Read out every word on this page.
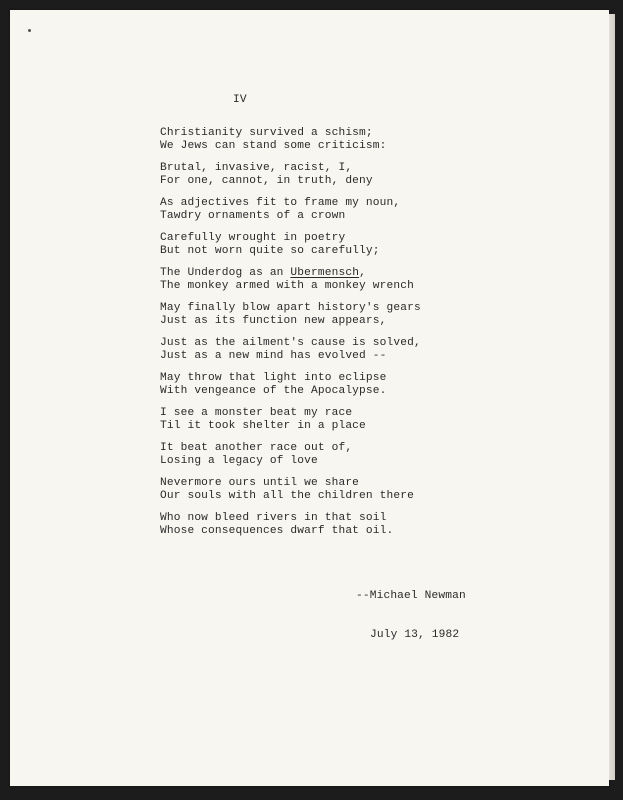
IV
Christianity survived a schism;
We Jews can stand some criticism:
Brutal, invasive, racist, I,
For one, cannot, in truth, deny
As adjectives fit to frame my noun,
Tawdry ornaments of a crown
Carefully wrought in poetry
But not worn quite so carefully;
The Underdog as an Ubermensch,
The monkey armed with a monkey wrench
May finally blow apart history's gears
Just as its function new appears,
Just as the ailment's cause is solved,
Just as a new mind has evolved --
May throw that light into eclipse
With vengeance of the Apocalypse.
I see a monster beat my race
Til it took shelter in a place
It beat another race out of,
Losing a legacy of love
Nevermore ours until we share
Our souls with all the children there
Who now bleed rivers in that soil
Whose consequences dwarf that oil.

--Michael Newman

July 13, 1982
